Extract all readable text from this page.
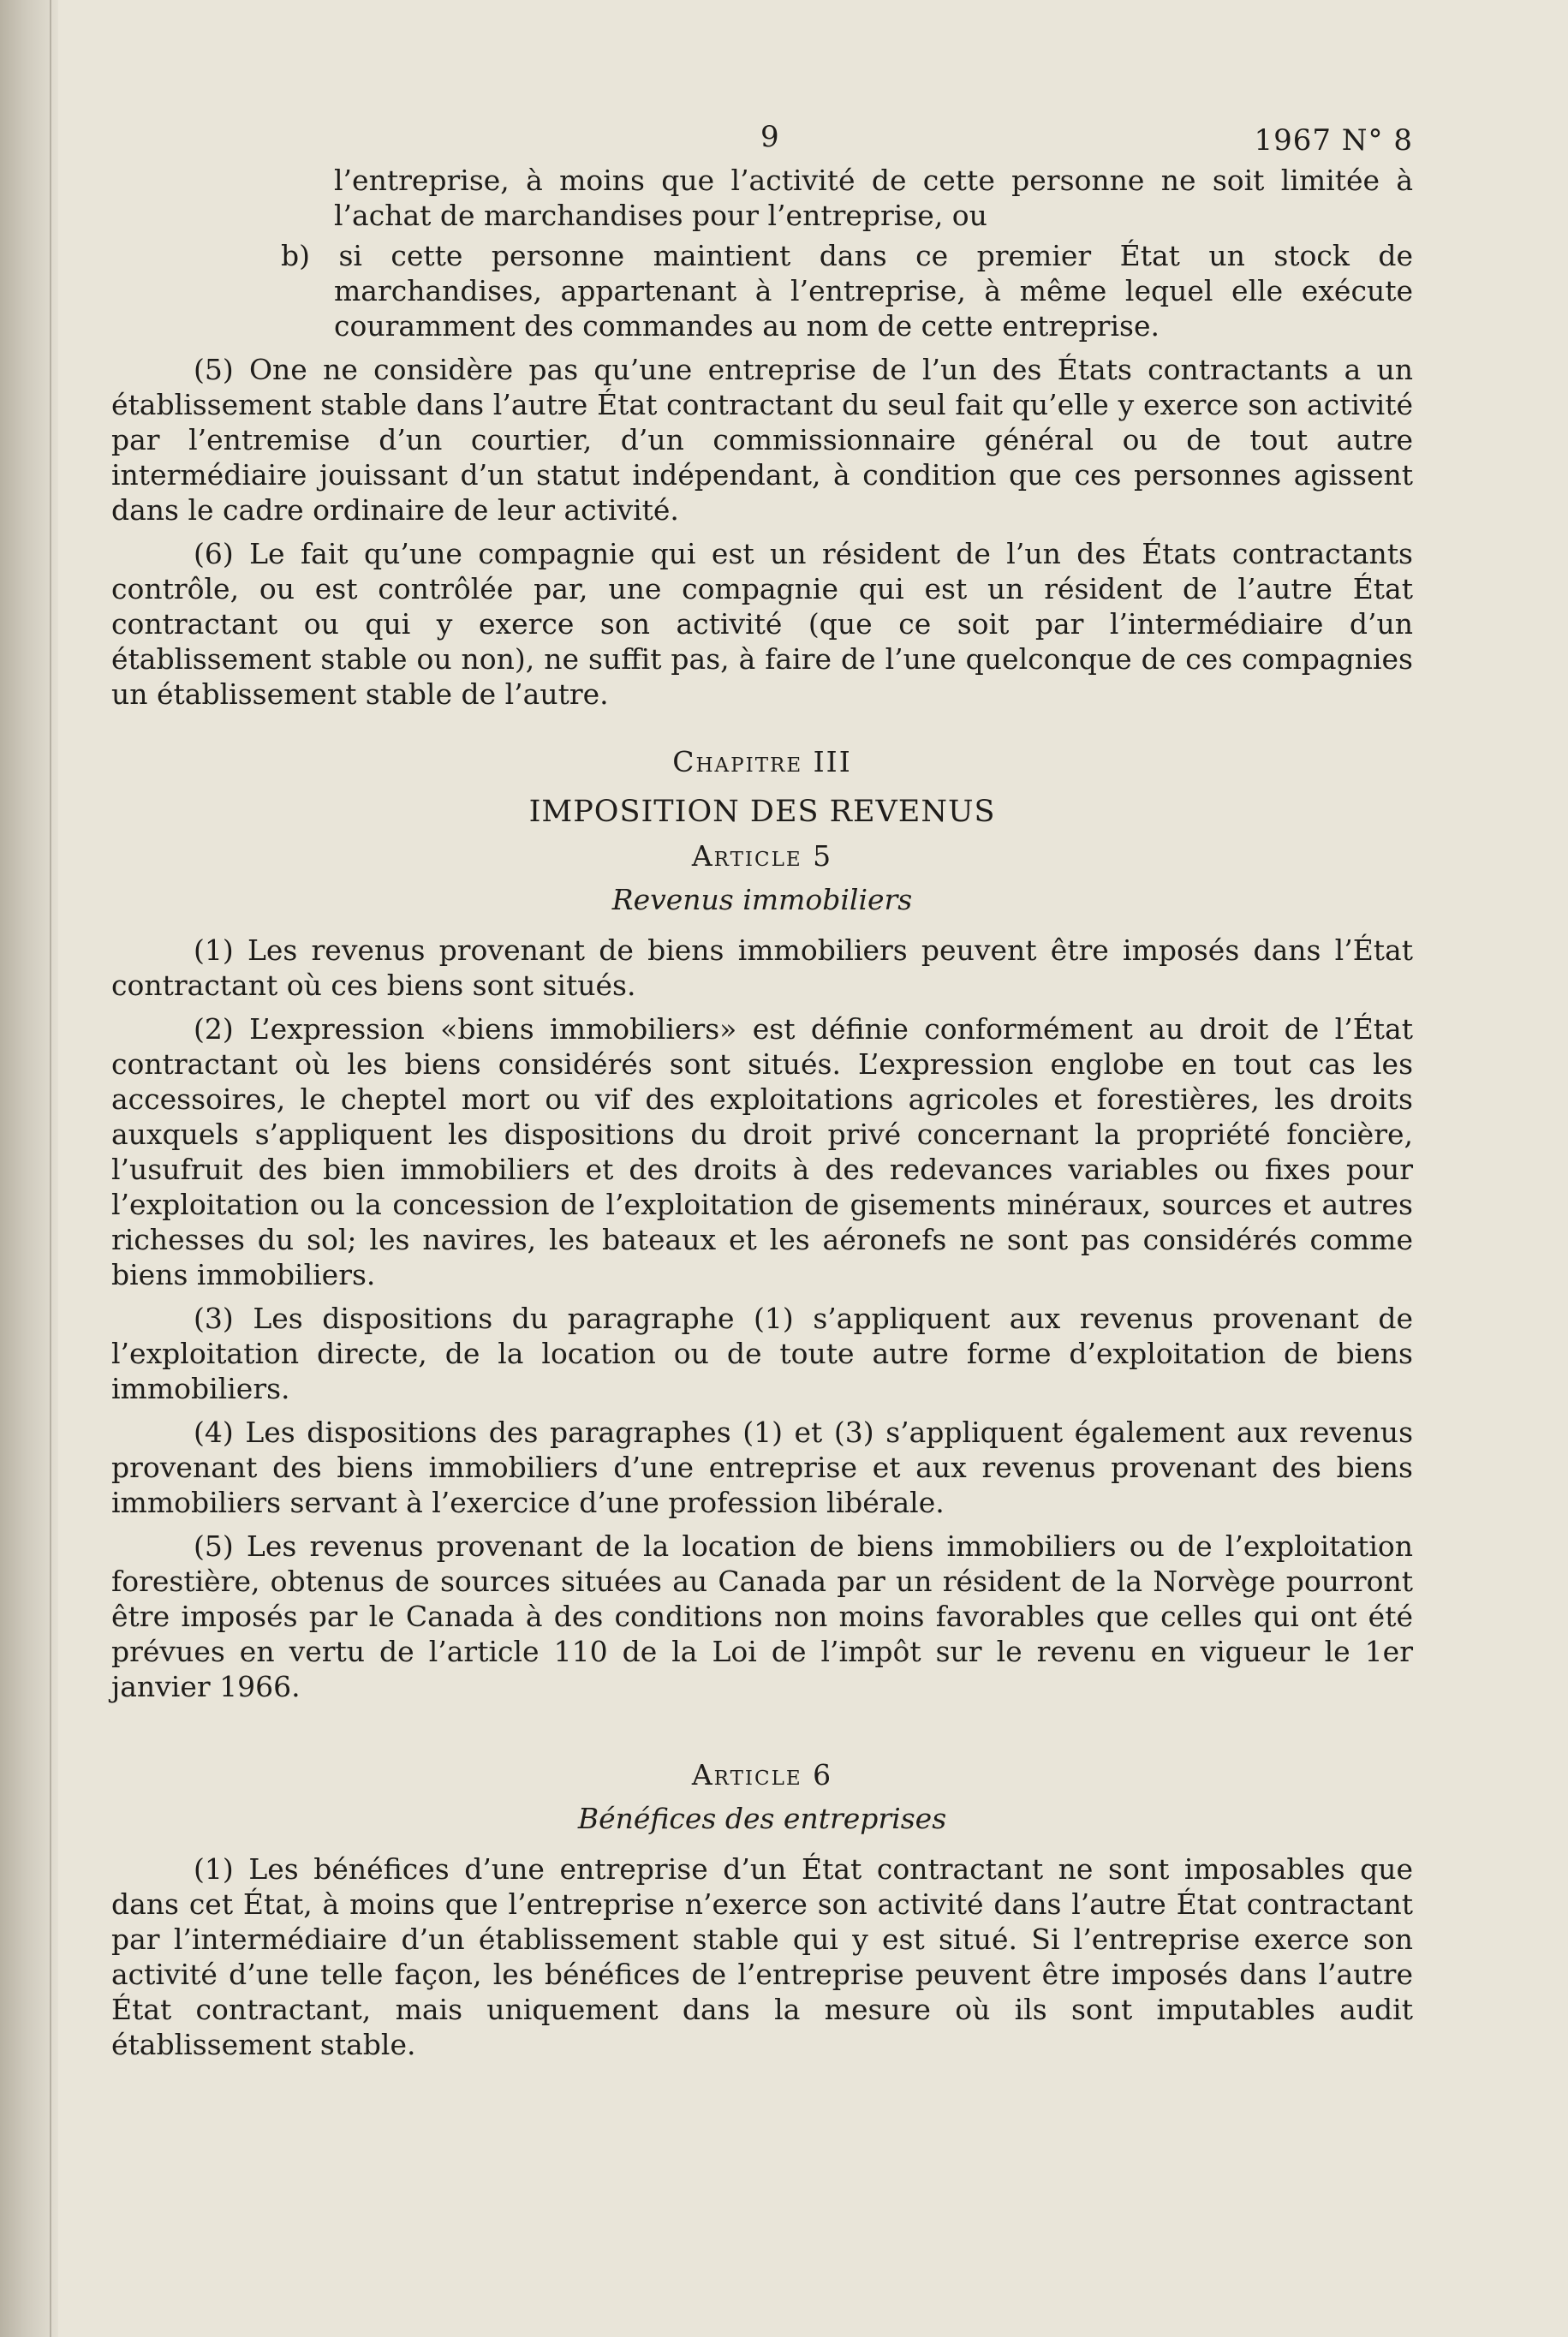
9	1967 N° 8

l’entreprise, à moins que l’activité de cette personne ne soit limitée à l’achat de marchandises pour l’entreprise, ou

b) si cette personne maintient dans ce premier État un stock de marchandises, appartenant à l’entreprise, à même lequel elle exécute couramment des commandes au nom de cette entreprise.

(5) One ne considère pas qu’une entreprise de l’un des États contractants a un établissement stable dans l’autre État contractant du seul fait qu’elle y exerce son activité par l’entremise d’un courtier, d’un commissionnaire général ou de tout autre intermédiaire jouissant d’un statut indépendant, à condition que ces personnes agissent dans le cadre ordinaire de leur activité.

(6) Le fait qu’une compagnie qui est un résident de l’un des États contractants contrôle, ou est contrôlée par, une compagnie qui est un résident de l’autre État contractant ou qui y exerce son activité (que ce soit par l’intermédiaire d’un établissement stable ou non), ne suffit pas, à faire de l’une quelconque de ces compagnies un établissement stable de l’autre.

Chapitre III

IMPOSITION DES REVENUS

Article 5

Revenus immobiliers

(1) Les revenus provenant de biens immobiliers peuvent être imposés dans l’État contractant où ces biens sont situés.

(2) L’expression «biens immobiliers» est définie conformément au droit de l’État contractant où les biens considérés sont situés. L’expression englobe en tout cas les accessoires, le cheptel mort ou vif des exploitations agricoles et forestières, les droits auxquels s’appliquent les dispositions du droit privé concernant la propriété foncière, l’usufruit des bien immobiliers et des droits à des redevances variables ou fixes pour l’exploitation ou la concession de l’exploitation de gisements minéraux, sources et autres richesses du sol; les navires, les bateaux et les aéronefs ne sont pas considérés comme biens immobiliers.

(3) Les dispositions du paragraphe (1) s’appliquent aux revenus provenant de l’exploitation directe, de la location ou de toute autre forme d’exploitation de biens immobiliers.

(4) Les dispositions des paragraphes (1) et (3) s’appliquent également aux revenus provenant des biens immobiliers d’une entreprise et aux revenus provenant des biens immobiliers servant à l’exercice d’une profession libérale.

(5) Les revenus provenant de la location de biens immobiliers ou de l’exploitation forestière, obtenus de sources situées au Canada par un résident de la Norvège pourront être imposés par le Canada à des conditions non moins favorables que celles qui ont été prévues en vertu de l’article 110 de la Loi de l’impôt sur le revenu en vigueur le 1er janvier 1966.

Article 6

Bénéfices des entreprises

(1) Les bénéfices d’une entreprise d’un État contractant ne sont imposables que dans cet État, à moins que l’entreprise n’exerce son activité dans l’autre État contractant par l’intermédiaire d’un établissement stable qui y est situé. Si l’entreprise exerce son activité d’une telle façon, les bénéfices de l’entreprise peuvent être imposés dans l’autre État contractant, mais uniquement dans la mesure où ils sont imputables audit établissement stable.
